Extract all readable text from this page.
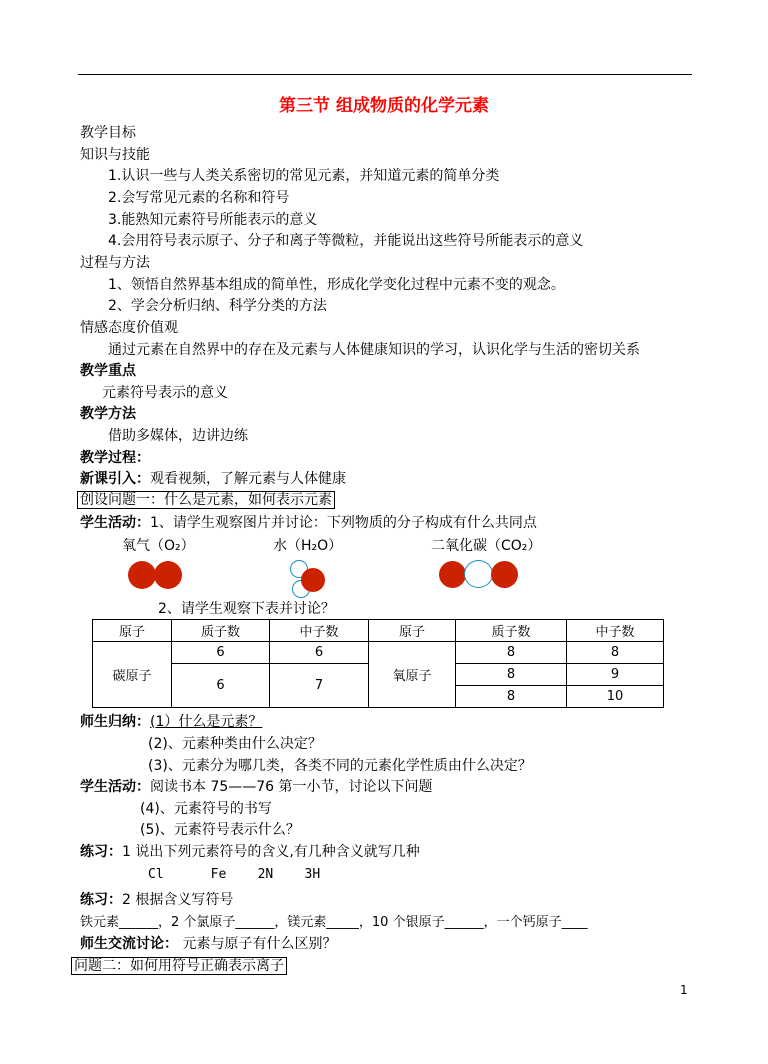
第三节 组成物质的化学元素
教学目标
知识与技能
1.认识一些与人类关系密切的常见元素，并知道元素的简单分类
2.会写常见元素的名称和符号
3.能熟知元素符号所能表示的意义
4.会用符号表示原子、分子和离子等微粒，并能说出这些符号所能表示的意义
过程与方法
1、领悟自然界基本组成的简单性，形成化学变化过程中元素不变的观念。
2、学会分析归纳、科学分类的方法
情感态度价值观
通过元素在自然界中的存在及元素与人体健康知识的学习，认识化学与生活的密切关系
教学重点
元素符号表示的意义
教学方法
借助多媒体，边讲边练
教学过程：
新课引入：观看视频，了解元素与人体健康
创设问题一：什么是元素，如何表示元素
学生活动：1、请学生观察图片并讨论：下列物质的分子构成有什么共同点
氧气（O₂）	水（H₂O）	二氧化碳（CO₂）
2、请学生观察下表并讨论？
原子	质子数	中子数	原子	质子数	中子数
碳原子	6	6	氧原子	8	8
	6	7		8	9
				8	10
师生归纳：(1）什么是元素？
(2)、元素种类由什么决定？
(3)、元素分为哪几类，各类不同的元素化学性质由什么决定？
学生活动：阅读书本 75——76 第一小节，讨论以下问题
(4)、元素符号的书写
(5)、元素符号表示什么？
练习：1 说出下列元素符号的含义,有几种含义就写几种
Cl      Fe    2N    3H
练习：2 根据含义写符号
铁元素______，2 个氯原子______，镁元素_____，10 个银原子______，一个钙原子____
师生交流讨论： 元素与原子有什么区别？
问题二：如何用符号正确表示离子
1
